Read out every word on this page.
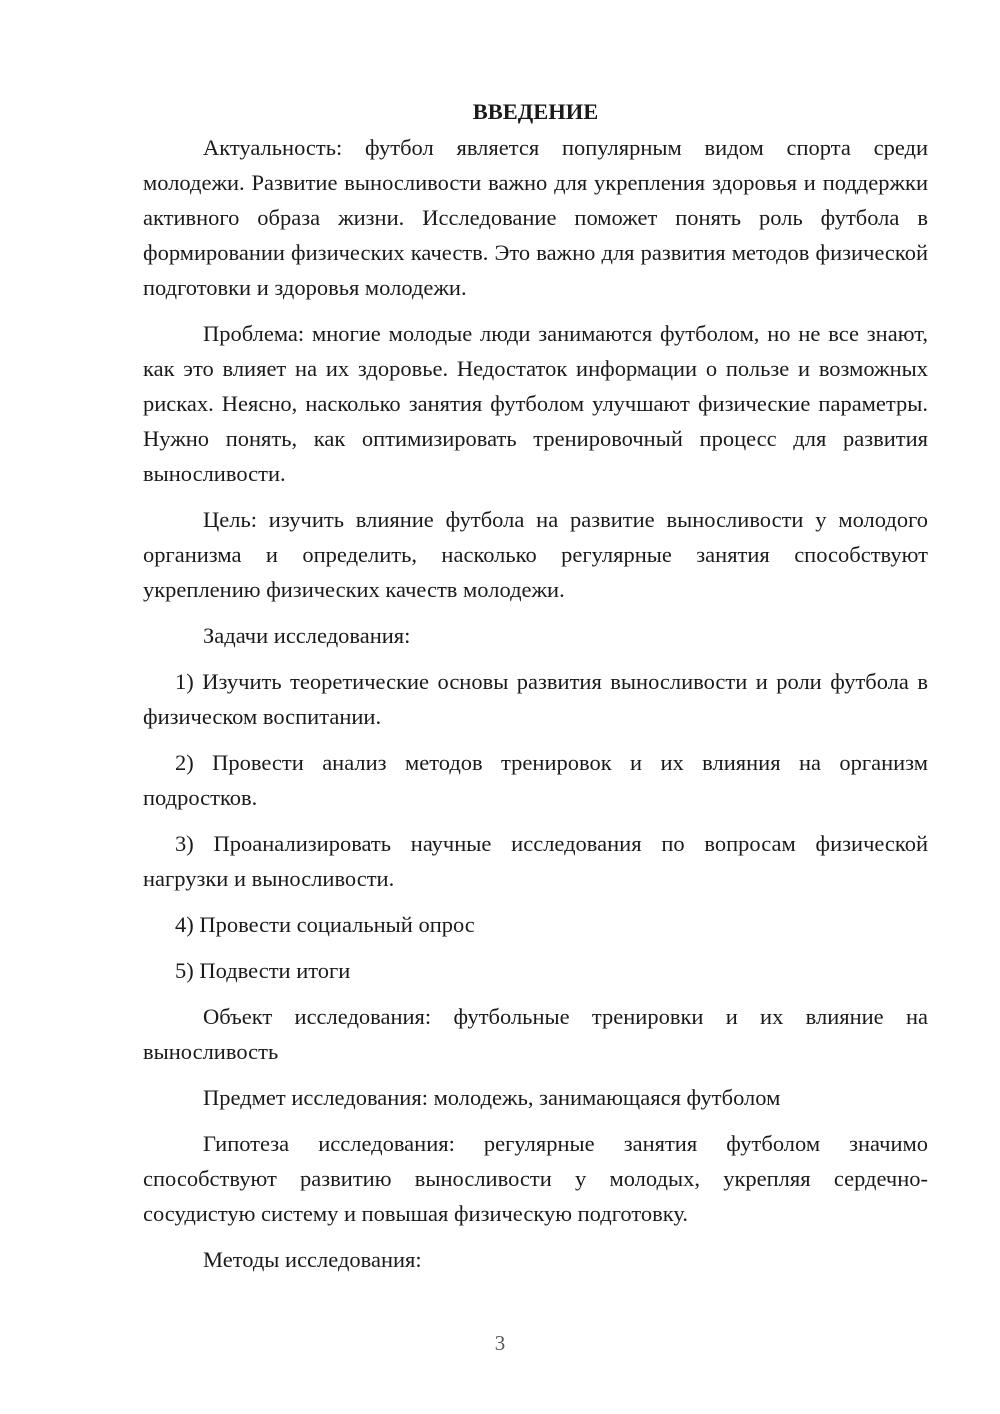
ВВЕДЕНИЕ

Актуальность: футбол является популярным видом спорта среди молодежи. Развитие выносливости важно для укрепления здоровья и поддержки активного образа жизни. Исследование поможет понять роль футбола в формировании физических качеств. Это важно для развития методов физической подготовки и здоровья молодежи.

Проблема: многие молодые люди занимаются футболом, но не все знают, как это влияет на их здоровье. Недостаток информации о пользе и возможных рисках. Неясно, насколько занятия футболом улучшают физические параметры. Нужно понять, как оптимизировать тренировочный процесс для развития выносливости.

Цель: изучить влияние футбола на развитие выносливости у молодого организма и определить, насколько регулярные занятия способствуют укреплению физических качеств молодежи.

Задачи исследования:

1) Изучить теоретические основы развития выносливости и роли футбола в физическом воспитании.

2) Провести анализ методов тренировок и их влияния на организм подростков.

3) Проанализировать научные исследования по вопросам физической нагрузки и выносливости.

4) Провести социальный опрос

5) Подвести итоги

Объект исследования: футбольные тренировки и их влияние на выносливость

Предмет исследования: молодежь, занимающаяся футболом

Гипотеза исследования: регулярные занятия футболом значимо способствуют развитию выносливости у молодых, укрепляя сердечно-сосудистую систему и повышая физическую подготовку.

Методы исследования:

3
